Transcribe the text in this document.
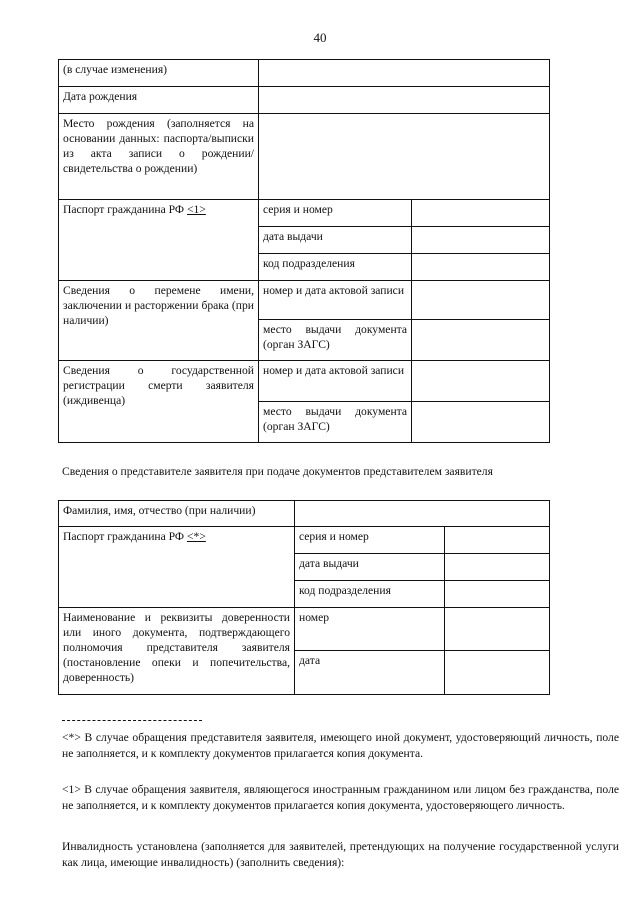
40
(в случае изменения)		
Дата рождения		
Место рождения (заполняется на основании данных: паспорта/выписки из акта записи о рождении/свидетельства о рождении)		
Паспорт гражданина РФ <1>	серия и номер	
	дата выдачи	
	код подразделения	
Сведения о перемене имени, заключении и расторжении брака (при наличии)	номер и дата актовой записи	
	место выдачи документа (орган ЗАГС)	
Сведения о государственной регистрации смерти заявителя (иждивенца)	номер и дата актовой записи	
	место выдачи документа (орган ЗАГС)	
Сведения о представителе заявителя при подаче документов представителем заявителя
Фамилия, имя, отчество (при наличии)		
Паспорт гражданина РФ <*>	серия и номер	
	дата выдачи	
	код подразделения	
Наименование и реквизиты доверенности или иного документа, подтверждающего полномочия представителя заявителя (постановление опеки и попечительства, доверенность)	номер	
	дата	
<*> В случае обращения представителя заявителя, имеющего иной документ, удостоверяющий личность, поле не заполняется, и к комплекту документов прилагается копия документа.
<1> В случае обращения заявителя, являющегося иностранным гражданином или лицом без гражданства, поле не заполняется, и к комплекту документов прилагается копия документа, удостоверяющего личность.
Инвалидность установлена (заполняется для заявителей, претендующих на получение государственной услуги как лица, имеющие инвалидность) (заполнить сведения):
